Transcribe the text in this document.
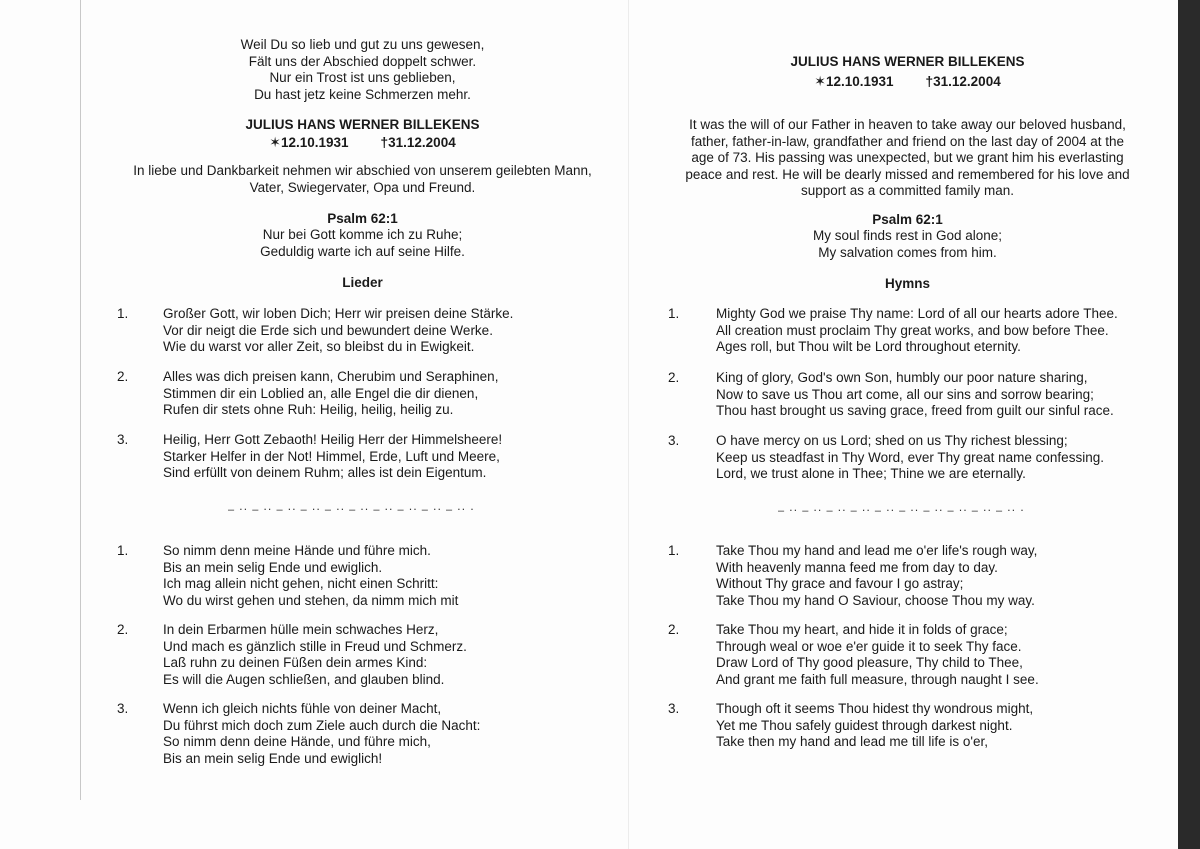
Weil Du so lieb und gut zu uns gewesen,
Fält uns der Abschied doppelt schwer.
Nur ein Trost ist uns geblieben,
Du hast jetz keine Schmerzen mehr.
JULIUS HANS WERNER BILLEKENS
✶12.10.1931 †31.12.2004
In liebe und Dankbarkeit nehmen wir abschied von unserem geilebten Mann,
Vater, Swiegervater, Opa und Freund.
Psalm 62:1
Nur bei Gott komme ich zu Ruhe;
Geduldig warte ich auf seine Hilfe.
Lieder
1.	Großer Gott, wir loben Dich; Herr wir preisen deine Stärke.
Vor dir neigt die Erde sich und bewundert deine Werke.
Wie du warst vor aller Zeit, so bleibst du in Ewigkeit.
2.	Alles was dich preisen kann, Cherubim und Seraphinen,
Stimmen dir ein Loblied an, alle Engel die dir dienen,
Rufen dir stets ohne Ruh: Heilig, heilig, heilig zu.
3.	Heilig, Herr Gott Zebaoth! Heilig Herr der Himmelsheere!
Starker Helfer in der Not! Himmel, Erde, Luft und Meere,
Sind erfüllt von deinem Ruhm; alles ist dein Eigentum.
– ‧‧ – ‧‧ – ‧‧ – ‧‧ – ‧‧ – ‧‧ – ‧‧ – ‧‧ – ‧‧ – ‧‧ ‧
1.	So nimm denn meine Hände und führe mich.
Bis an mein selig Ende und ewiglich.
Ich mag allein nicht gehen, nicht einen Schritt:
Wo du wirst gehen und stehen, da nimm mich mit
2.	In dein Erbarmen hülle mein schwaches Herz,
Und mach es gänzlich stille in Freud und Schmerz.
Laß ruhn zu deinen Füßen dein armes Kind:
Es will die Augen schließen, and glauben blind.
3.	Wenn ich gleich nichts fühle von deiner Macht,
Du führst mich doch zum Ziele auch durch die Nacht:
So nimm denn deine Hände, und führe mich,
Bis an mein selig Ende und ewiglich!
JULIUS HANS WERNER BILLEKENS
✶12.10.1931 †31.12.2004
It was the will of our Father in heaven to take away our beloved husband,
father, father-in-law, grandfather and friend on the last day of 2004 at the
age of 73. His passing was unexpected, but we grant him his everlasting
peace and rest. He will be dearly missed and remembered for his love and
support as a committed family man.
Psalm 62:1
My soul finds rest in God alone;
My salvation comes from him.
Hymns
1.	Mighty God we praise Thy name: Lord of all our hearts adore Thee.
All creation must proclaim Thy great works, and bow before Thee.
Ages roll, but Thou wilt be Lord throughout eternity.
2.	King of glory, God's own Son, humbly our poor nature sharing,
Now to save us Thou art come, all our sins and sorrow bearing;
Thou hast brought us saving grace, freed from guilt our sinful race.
3.	O have mercy on us Lord; shed on us Thy richest blessing;
Keep us steadfast in Thy Word, ever Thy great name confessing.
Lord, we trust alone in Thee; Thine we are eternally.
– ‧‧ – ‧‧ – ‧‧ – ‧‧ – ‧‧ – ‧‧ – ‧‧ – ‧‧ – ‧‧ – ‧‧ ‧
1.	Take Thou my hand and lead me o'er life's rough way,
With heavenly manna feed me from day to day.
Without Thy grace and favour I go astray;
Take Thou my hand O Saviour, choose Thou my way.
2.	Take Thou my heart, and hide it in folds of grace;
Through weal or woe e'er guide it to seek Thy face.
Draw Lord of Thy good pleasure, Thy child to Thee,
And grant me faith full measure, through naught I see.
3.	Though oft it seems Thou hidest thy wondrous might,
Yet me Thou safely guidest through darkest night.
Take then my hand and lead me till life is o'er,
